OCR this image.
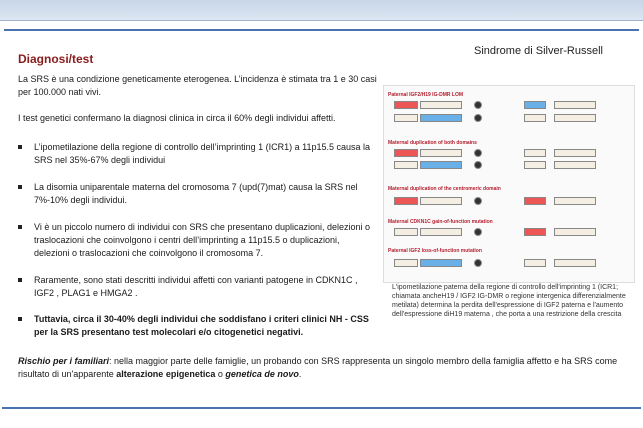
Diagnosi/test
Sindrome di Silver-Russell
La SRS è una condizione geneticamente eterogenea. L’incidenza è stimata tra 1 e 30 casi per 100.000 nati vivi.
I test genetici confermano la diagnosi clinica in circa il 60% degli individui affetti.
L’ipometilazione della regione di controllo dell’imprinting 1 (ICR1) a 11p15.5 causa la SRS nel 35%-67% degli individui
La disomia uniparentale materna del cromosoma 7 (upd(7)mat) causa la SRS nel 7%-10% degli individui.
Vi è un piccolo numero di individui con SRS che presentano duplicazioni, delezioni o traslocazioni che coinvolgono i centri dell’imprinting a 11p15.5 o duplicazioni, delezioni o traslocazioni che coinvolgono il cromosoma 7.
Raramente, sono stati descritti individui affetti con varianti patogene in CDKN1C , IGF2 , PLAG1 e HMGA2 .
Tuttavia, circa il 30-40% degli individui che soddisfano i criteri clinici NH - CSS per la SRS presentano test molecolari e/o citogenetici negativi.
Rischio per i familiari: nella maggior parte delle famiglie, un probando con SRS rappresenta un singolo membro della famiglia affetto e ha SRS come risultato di un'apparente alterazione epigenetica o genetica de novo.
Paternal IGF2/H19 IG-DMR LOM
Maternal duplication of both domains
Maternal duplication of the centromeric domain
Maternal CDKN1C gain-of-function mutation
Paternal IGF2 loss-of-function mutation
L'ipometilazione paterna della regione di controllo dell'imprinting 1 (ICR1; chiamata ancheH19 / IGF2 IG-DMR o regione intergenica differenzialmente metilata) determina la perdita dell'espressione di IGF2 paterna e l'aumento dell'espressione diH19 materna , che porta a una restrizione della crescita
